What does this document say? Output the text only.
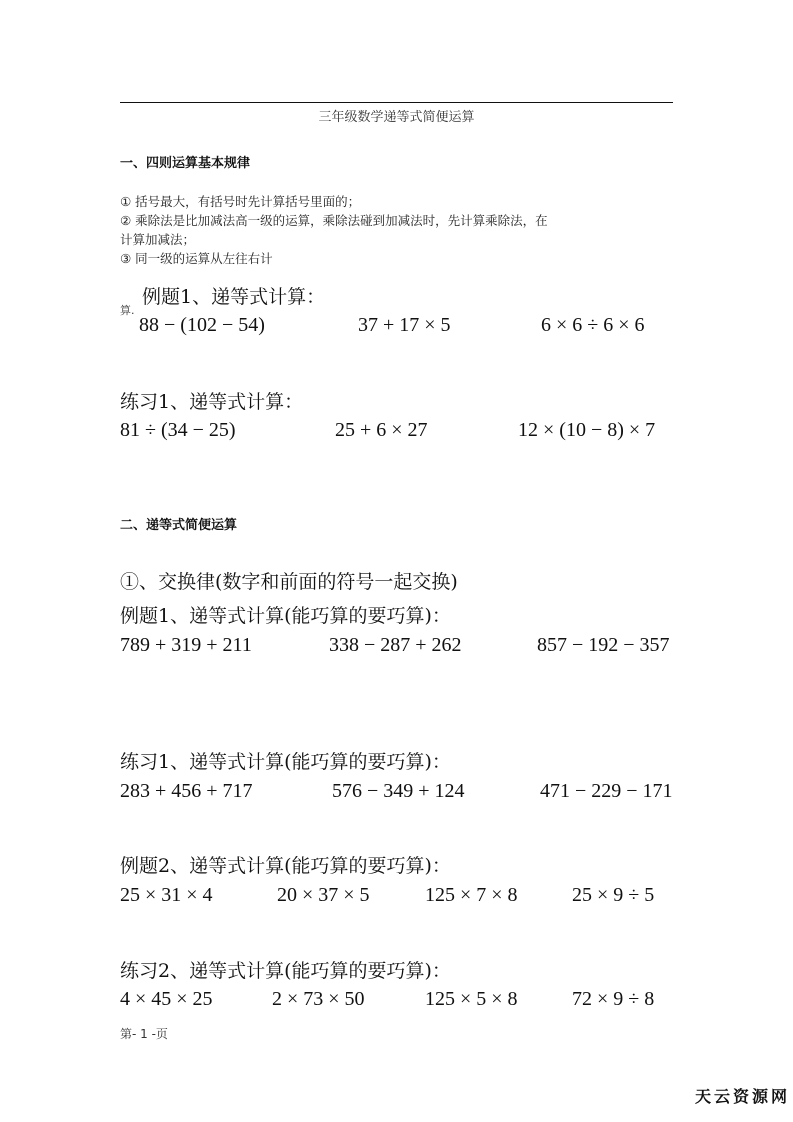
三年级数学递等式简便运算
一、四则运算基本规律
① 括号最大，有括号时先计算括号里面的；
② 乘除法是比加减法高一级的运算，乘除法碰到加减法时，先计算乘除法，在
计算加减法；
③ 同一级的运算从左往右计
例题1、递等式计算：
算.
88 − (102 − 54)	37 + 17 × 5	6 × 6 ÷ 6 × 6
练习1、递等式计算：
81 ÷ (34 − 25)	25 + 6 × 27	12 × (10 − 8) × 7
二、递等式简便运算
①、交换律(数字和前面的符号一起交换)
例题1、递等式计算(能巧算的要巧算)：
789 + 319 + 211	338 − 287 + 262	857 − 192 − 357
练习1、递等式计算(能巧算的要巧算)：
283 + 456 + 717	576 − 349 + 124	471 − 229 − 171
例题2、递等式计算(能巧算的要巧算)：
25 × 31 × 4	20 × 37 × 5	125 × 7 × 8	25 × 9 ÷ 5
练习2、递等式计算(能巧算的要巧算)：
4 × 45 × 25	2 × 73 × 50	125 × 5 × 8	72 × 9 ÷ 8
第- 1 -页
天云资源网
